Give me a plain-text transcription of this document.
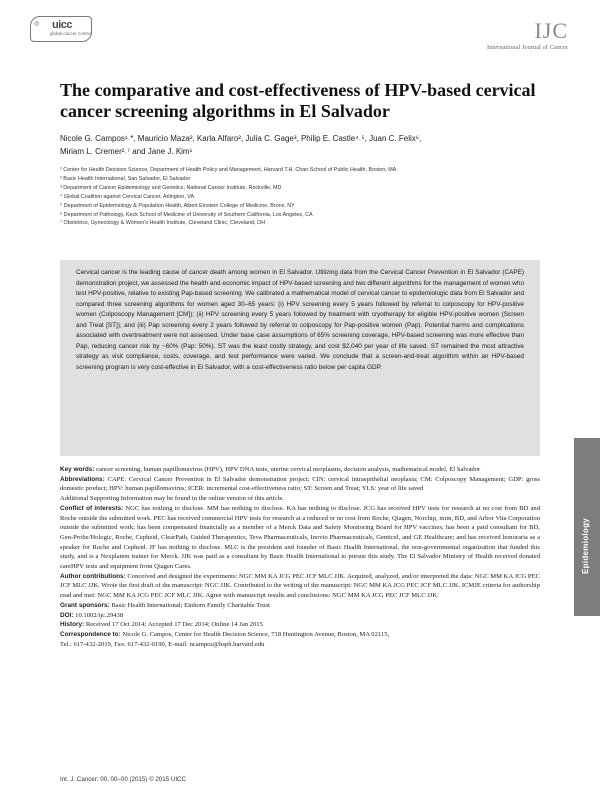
◎ uicc
global cancer control	IJC
International Journal of Cancer
The comparative and cost-effectiveness of HPV-based cervical
cancer screening algorithms in El Salvador
Nicole G. Campos¹˒*, Mauricio Maza², Karla Alfaro², Julia C. Gage³, Philip E. Castle⁴˒⁵, Juan C. Felix⁶,
Miriam L. Cremer²˒⁷ and Jane J. Kim¹
¹ Center for Health Decision Science, Department of Health Policy and Management, Harvard T.H. Chan School of Public Health, Boston, MA
² Basic Health International, San Salvador, El Salvador
³ Department of Cancer Epidemiology and Genetics, National Cancer Institute, Rockville, MD
⁴ Global Coalition against Cervical Cancer, Arlington, VA
⁵ Department of Epidemiology & Population Health, Albert Einstein College of Medicine, Bronx, NY
⁶ Department of Pathology, Keck School of Medicine of University of Southern California, Los Angeles, CA
⁷ Obstetrics, Gynecology & Women's Health Institute, Cleveland Clinic, Cleveland, OH

Cervical cancer is the leading cause of cancer death among women in El Salvador. Utilizing data from the Cervical Cancer Prevention in El Salvador (CAPE) demonstration project, we assessed the health and economic impact of HPV-based screening and two different algorithms for the management of women who test HPV-positive, relative to existing Pap-based screening. We calibrated a mathematical model of cervical cancer to epidemiologic data from El Salvador and compared three screening algorithms for women aged 30–65 years: (i) HPV screening every 5 years followed by referral to colposcopy for HPV-positive women (Colposcopy Management [CM]); (ii) HPV screening every 5 years followed by treatment with cryotherapy for eligible HPV-positive women (Screen and Treat [ST]); and (iii) Pap screening every 2 years followed by referral to colposcopy for Pap-positive women (Pap). Potential harms and complications associated with overtreatment were not assessed. Under base case assumptions of 65% screening coverage, HPV-based screening was more effective than Pap, reducing cancer risk by ~60% (Pap: 50%). ST was the least costly strategy, and cost $2,040 per year of life saved. ST remained the most attractive strategy as visit compliance, costs, coverage, and test performance were varied. We conclude that a screen-and-treat algorithm within an HPV-based screening program is very cost-effective in El Salvador, with a cost-effectiveness ratio below per capita GDP.

Key words: cancer screening, human papillomavirus (HPV), HPV DNA tests, uterine cervical neoplasms, decision analysis, mathematical model, El Salvador

Abbreviations: CAPE: Cervical Cancer Prevention in El Salvador demonstration project; CIN: cervical intraepithelial neoplasia; CM: Colposcopy Management; GDP: gross domestic product; HPV: human papillomavirus; ICER: incremental cost-effectiveness ratio; ST: Screen and Treat; YLS: year of life saved

Additional Supporting Information may be found in the online version of this article.

Conflict of interests: NGC has nothing to disclose. MM has nothing to disclose. KA has nothing to disclose. JCG has received HPV tests for research at no cost from BD and Roche outside the submitted work. PEC has received commercial HPV tests for research at a reduced or no cost from Roche, Qiagen, Norchip, mtm, BD, and Arbor Vita Corporation outside the submitted work; has been compensated financially as a member of a Merck Data and Safety Monitoring Board for HPV vaccines; has been a paid consultant for BD, Gen-Probe/Hologic, Roche, Cepheid, ClearPath, Guided Therapeutics, Teva Pharmaceuticals, Inovio Pharmaceuticals, Genticel, and GE Healthcare; and has received honoraria as a speaker for Roche and Cepheid. JF has nothing to disclose. MLC is the president and founder of Basic Health International, the non-governmental organization that funded this study, and is a Nexplanon trainer for Merck. JJK was paid as a consultant by Basic Health International to pursue this study. The El Salvador Ministry of Health received donated careHPV tests and equipment from Qiagen Cares.

Author contributions: Conceived and designed the experiments: NGC MM KA JCG PEC JCF MLC JJK. Acquired, analyzed, and/or interpreted the data: NGC MM KA JCG PEC JCF MLC JJK. Wrote the first draft of the manuscript: NGC JJK. Contributed to the writing of the manuscript: NGC MM KA JCG PEC JCF MLC JJK. ICMJE criteria for authorship read and met: NGC MM KA JCG PEC JCF MLC JJK. Agree with manuscript results and conclusions: NGC MM KA JCG PEC JCF MLC JJK.

Grant sponsors: Basic Health International; Einhorn Family Charitable Trust

DOI: 10.1002/ijc.29438

History: Received 17 Oct 2014; Accepted 17 Dec 2014; Online 14 Jan 2015

Correspondence to: Nicole G. Campos, Center for Health Decision Science, 718 Huntington Avenue, Boston, MA 02115,
Tel.: 617-432-2019, Fax: 617-432-0190, E-mail: ncampos@hsph.harvard.edu

Int. J. Cancer: 00, 00–00 (2015) © 2015 UICC
Epidemiology
